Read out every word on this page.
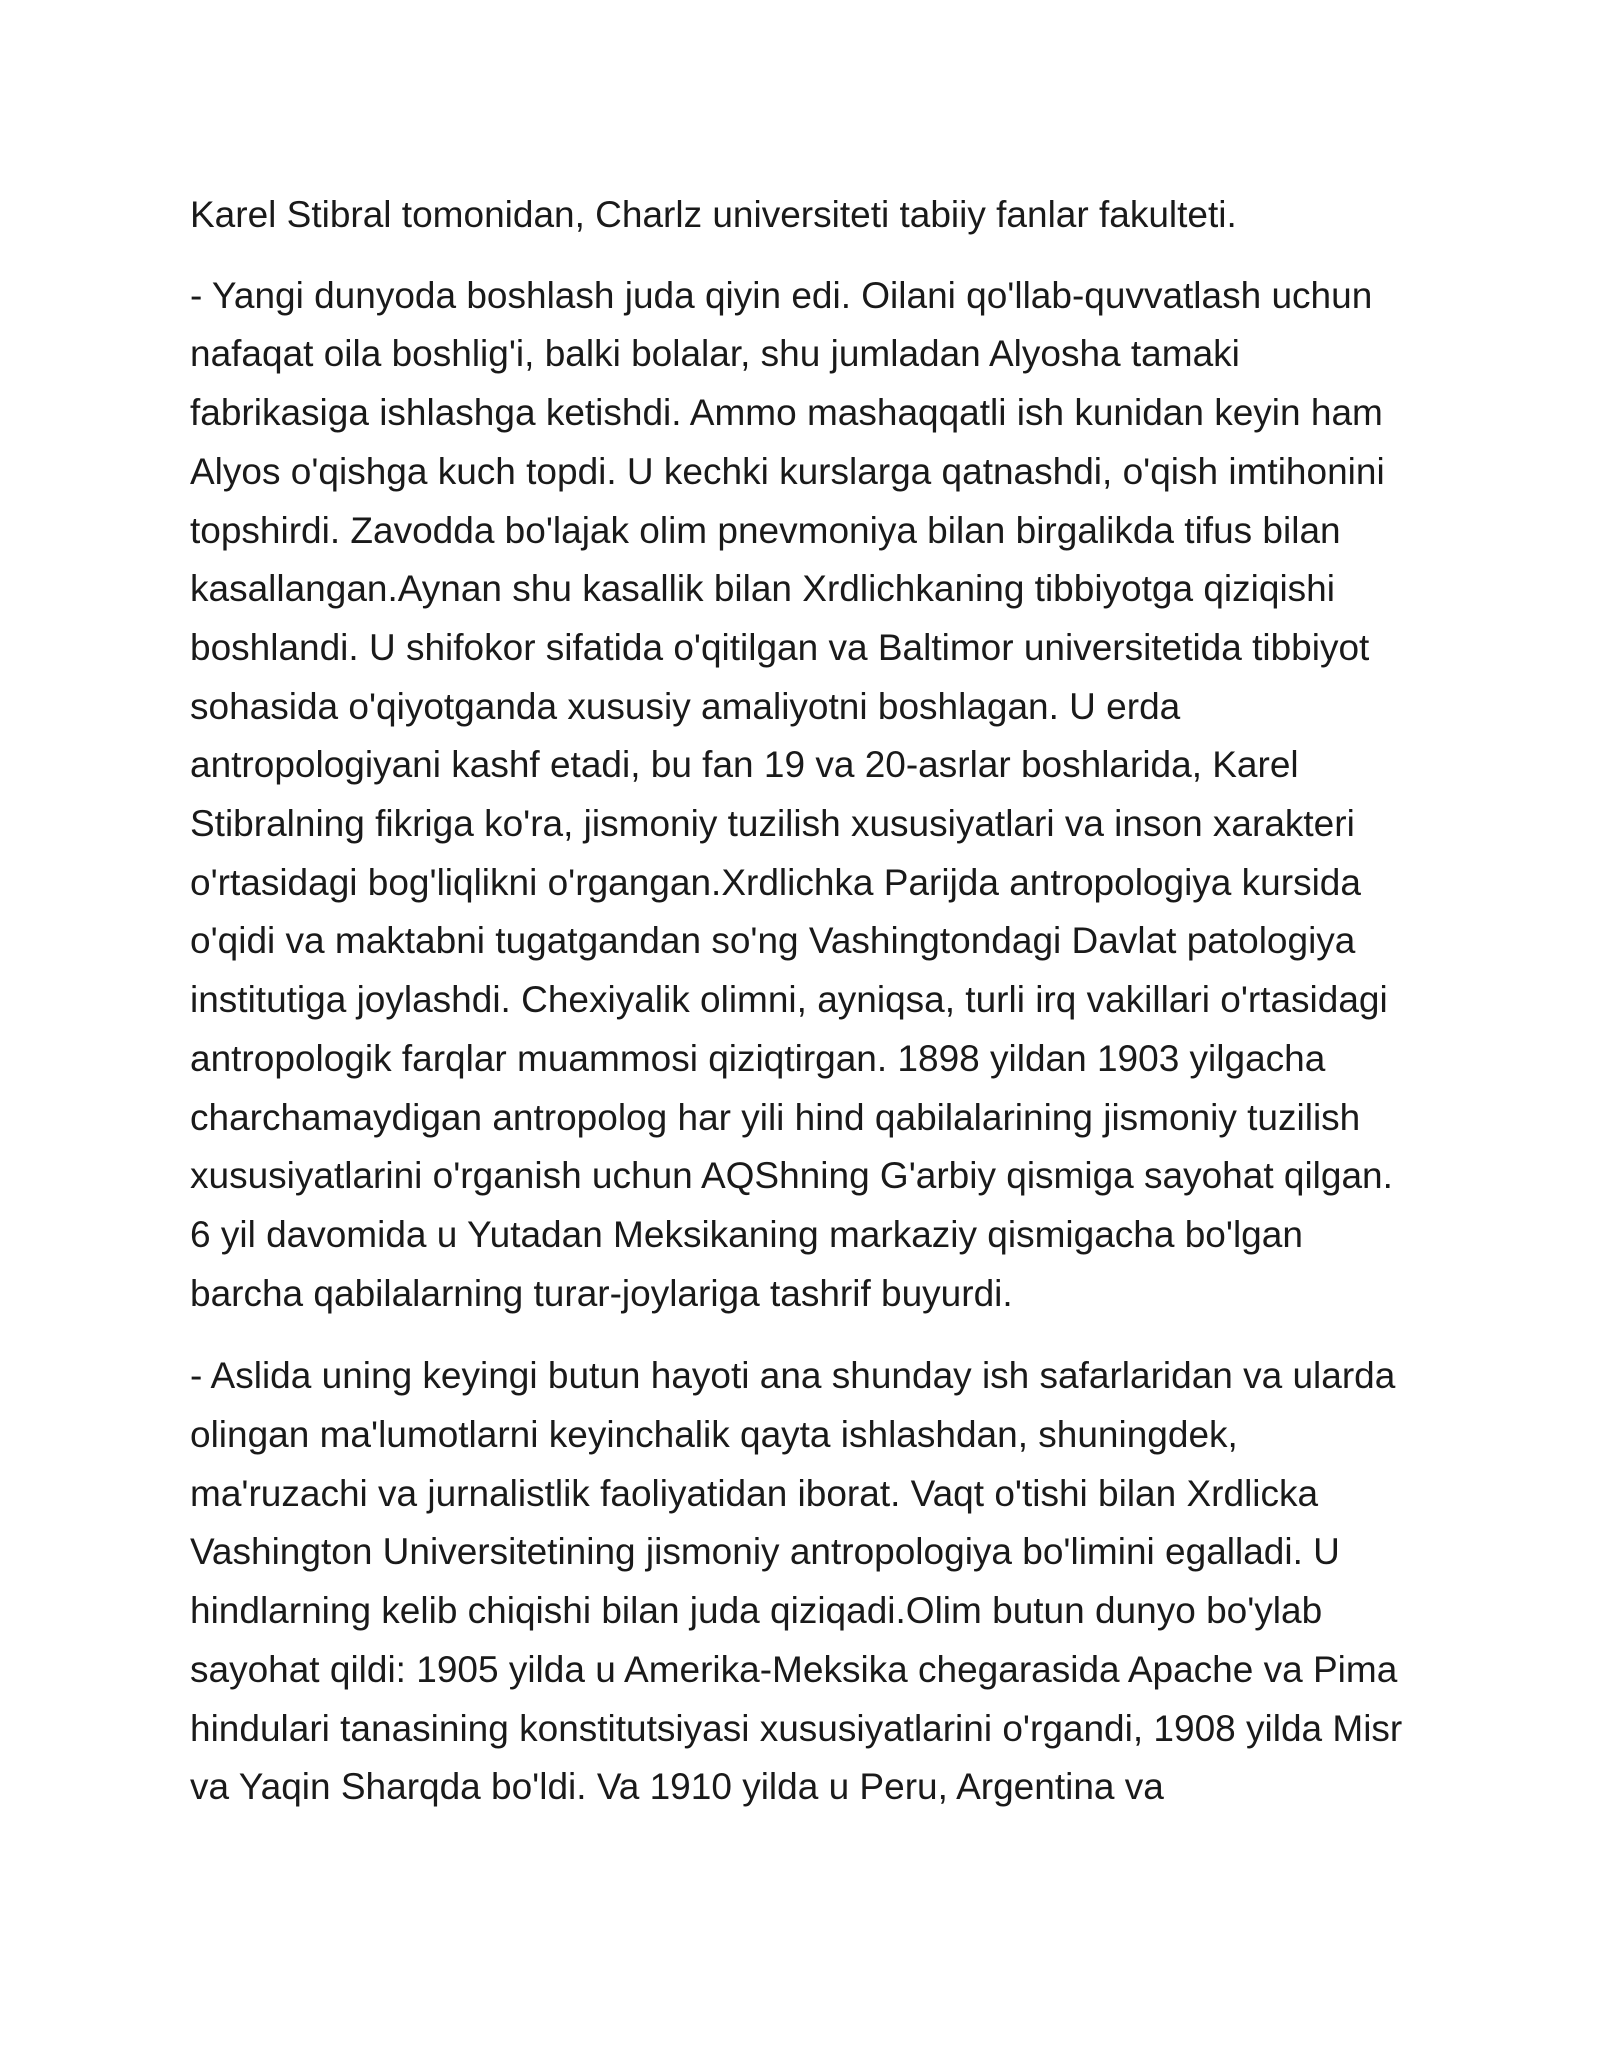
Karel Stibral tomonidan, Charlz universiteti tabiiy fanlar fakulteti.

- Yangi dunyoda boshlash juda qiyin edi. Oilani qo'llab-quvvatlash uchun nafaqat oila boshlig'i, balki bolalar, shu jumladan Alyosha tamaki fabrikasiga ishlashga ketishdi. Ammo mashaqqatli ish kunidan keyin ham Alyos o'qishga kuch topdi. U kechki kurslarga qatnashdi, o'qish imtihonini topshirdi. Zavodda bo'lajak olim pnevmoniya bilan birgalikda tifus bilan kasallangan.Aynan shu kasallik bilan Xrdlichkaning tibbiyotga qiziqishi boshlandi. U shifokor sifatida o'qitilgan va Baltimor universitetida tibbiyot sohasida o'qiyotganda xususiy amaliyotni boshlagan. U erda antropologiyani kashf etadi, bu fan 19 va 20-asrlar boshlarida, Karel Stibralning fikriga ko'ra, jismoniy tuzilish xususiyatlari va inson xarakteri o'rtasidagi bog'liqlikni o'rgangan.Xrdlichka Parijda antropologiya kursida o'qidi va maktabni tugatgandan so'ng Vashingtondagi Davlat patologiya institutiga joylashdi. Chexiyalik olimni, ayniqsa, turli irq vakillari o'rtasidagi antropologik farqlar muammosi qiziqtirgan. 1898 yildan 1903 yilgacha charchamaydigan antropolog har yili hind qabilalarining jismoniy tuzilish xususiyatlarini o'rganish uchun AQShning G'arbiy qismiga sayohat qilgan. 6 yil davomida u Yutadan Meksikaning markaziy qismigacha bo'lgan barcha qabilalarning turar-joylariga tashrif buyurdi.

- Aslida uning keyingi butun hayoti ana shunday ish safarlaridan va ularda olingan ma'lumotlarni keyinchalik qayta ishlashdan, shuningdek, ma'ruzachi va jurnalistlik faoliyatidan iborat. Vaqt o'tishi bilan Xrdlicka Vashington Universitetining jismoniy antropologiya bo'limini egalladi. U hindlarning kelib chiqishi bilan juda qiziqadi.Olim butun dunyo bo'ylab sayohat qildi: 1905 yilda u Amerika-Meksika chegarasida Apache va Pima hindulari tanasining konstitutsiyasi xususiyatlarini o'rgandi, 1908 yilda Misr va Yaqin Sharqda bo'ldi. Va 1910 yilda u Peru, Argentina va
